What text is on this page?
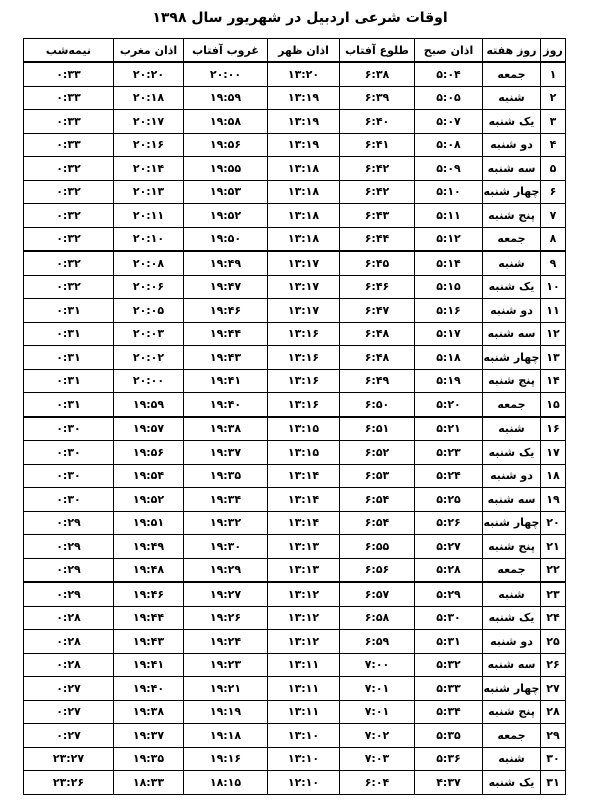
اوقات شرعی اردبیل در شهریور سال ۱۳۹۸
روز	روز هفته	اذان صبح	طلوع آفتاب	اذان ظهر	غروب آفتاب	اذان مغرب	نیمه‌شب
۱	جمعه	۵:۰۴	۶:۳۸	۱۳:۲۰	۲۰:۰۰	۲۰:۲۰	۰:۳۳
۲	شنبه	۵:۰۵	۶:۳۹	۱۳:۱۹	۱۹:۵۹	۲۰:۱۸	۰:۳۳
۳	یک شنبه	۵:۰۷	۶:۴۰	۱۳:۱۹	۱۹:۵۸	۲۰:۱۷	۰:۳۳
۴	دو شنبه	۵:۰۸	۶:۴۱	۱۳:۱۹	۱۹:۵۶	۲۰:۱۶	۰:۳۳
۵	سه شنبه	۵:۰۹	۶:۴۲	۱۳:۱۸	۱۹:۵۵	۲۰:۱۴	۰:۳۲
۶	چهار شنبه	۵:۱۰	۶:۴۲	۱۳:۱۸	۱۹:۵۳	۲۰:۱۳	۰:۳۲
۷	پنج شنبه	۵:۱۱	۶:۴۳	۱۳:۱۸	۱۹:۵۲	۲۰:۱۱	۰:۳۲
۸	جمعه	۵:۱۲	۶:۴۴	۱۳:۱۸	۱۹:۵۰	۲۰:۱۰	۰:۳۲
۹	شنبه	۵:۱۴	۶:۴۵	۱۳:۱۷	۱۹:۴۹	۲۰:۰۸	۰:۳۲
۱۰	یک شنبه	۵:۱۵	۶:۴۶	۱۳:۱۷	۱۹:۴۷	۲۰:۰۶	۰:۳۲
۱۱	دو شنبه	۵:۱۶	۶:۴۷	۱۳:۱۷	۱۹:۴۶	۲۰:۰۵	۰:۳۱
۱۲	سه شنبه	۵:۱۷	۶:۴۸	۱۳:۱۶	۱۹:۴۴	۲۰:۰۳	۰:۳۱
۱۳	چهار شنبه	۵:۱۸	۶:۴۸	۱۳:۱۶	۱۹:۴۳	۲۰:۰۲	۰:۳۱
۱۴	پنج شنبه	۵:۱۹	۶:۴۹	۱۳:۱۶	۱۹:۴۱	۲۰:۰۰	۰:۳۱
۱۵	جمعه	۵:۲۰	۶:۵۰	۱۳:۱۶	۱۹:۴۰	۱۹:۵۹	۰:۳۱
۱۶	شنبه	۵:۲۱	۶:۵۱	۱۳:۱۵	۱۹:۳۸	۱۹:۵۷	۰:۳۰
۱۷	یک شنبه	۵:۲۳	۶:۵۲	۱۳:۱۵	۱۹:۳۷	۱۹:۵۶	۰:۳۰
۱۸	دو شنبه	۵:۲۴	۶:۵۳	۱۳:۱۴	۱۹:۳۵	۱۹:۵۴	۰:۳۰
۱۹	سه شنبه	۵:۲۵	۶:۵۴	۱۳:۱۴	۱۹:۳۴	۱۹:۵۲	۰:۳۰
۲۰	چهار شنبه	۵:۲۶	۶:۵۴	۱۳:۱۴	۱۹:۳۲	۱۹:۵۱	۰:۲۹
۲۱	پنج شنبه	۵:۲۷	۶:۵۵	۱۳:۱۳	۱۹:۳۰	۱۹:۴۹	۰:۲۹
۲۲	جمعه	۵:۲۸	۶:۵۶	۱۳:۱۳	۱۹:۲۹	۱۹:۴۸	۰:۲۹
۲۳	شنبه	۵:۲۹	۶:۵۷	۱۳:۱۲	۱۹:۲۷	۱۹:۴۶	۰:۲۹
۲۴	یک شنبه	۵:۳۰	۶:۵۸	۱۳:۱۲	۱۹:۲۶	۱۹:۴۴	۰:۲۸
۲۵	دو شنبه	۵:۳۱	۶:۵۹	۱۳:۱۲	۱۹:۲۴	۱۹:۴۳	۰:۲۸
۲۶	سه شنبه	۵:۳۲	۷:۰۰	۱۳:۱۱	۱۹:۲۳	۱۹:۴۱	۰:۲۸
۲۷	چهار شنبه	۵:۳۳	۷:۰۱	۱۳:۱۱	۱۹:۲۱	۱۹:۴۰	۰:۲۷
۲۸	پنج شنبه	۵:۳۴	۷:۰۱	۱۳:۱۱	۱۹:۱۹	۱۹:۳۸	۰:۲۷
۲۹	جمعه	۵:۳۵	۷:۰۲	۱۳:۱۰	۱۹:۱۸	۱۹:۳۷	۰:۲۷
۳۰	شنبه	۵:۳۶	۷:۰۳	۱۳:۱۰	۱۹:۱۶	۱۹:۳۵	۲۳:۲۷
۳۱	یک شنبه	۴:۳۷	۶:۰۴	۱۲:۱۰	۱۸:۱۵	۱۸:۳۳	۲۳:۲۶
